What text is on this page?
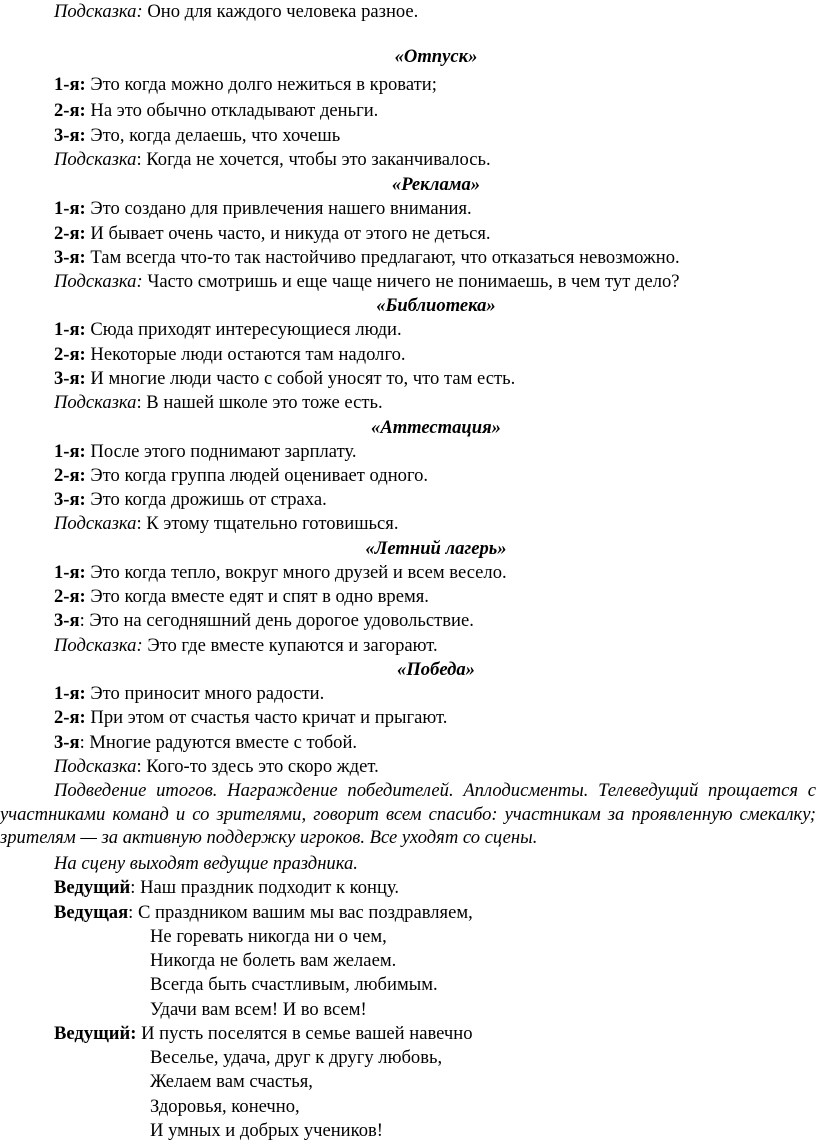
Подсказка: Оно для каждого человека разное.
«Отпуск»
1-я: Это когда можно долго нежиться в кровати;
2-я: На это обычно откладывают деньги.
3-я: Это, когда делаешь, что хочешь
Подсказка: Когда не хочется, чтобы это заканчивалось.
«Реклама»
1-я: Это создано для привлечения нашего внимания.
2-я: И бывает очень часто, и никуда от этого не деться.
3-я: Там всегда что-то так настойчиво предлагают, что отказаться невозможно.
Подсказка: Часто смотришь и еще чаще ничего не понимаешь, в чем тут дело?
«Библиотека»
1-я: Сюда приходят интересующиеся люди.
2-я: Некоторые люди остаются там надолго.
3-я: И многие люди часто с собой уносят то, что там есть.
Подсказка: В нашей школе это тоже есть.
«Аттестация»
1-я: После этого поднимают зарплату.
2-я: Это когда группа людей оценивает одного.
3-я: Это когда дрожишь от страха.
Подсказка: К этому тщательно готовишься.
«Летний лагерь»
1-я: Это когда тепло, вокруг много друзей и всем весело.
2-я: Это когда вместе едят и спят в одно время.
3-я: Это на сегодняшний день дорогое удовольствие.
Подсказка: Это где вместе купаются и загорают.
«Победа»
1-я: Это приносит много радости.
2-я: При этом от счастья часто кричат и прыгают.
3-я: Многие радуются вместе с тобой.
Подсказка: Кого-то здесь это скоро ждет.
Подведение итогов. Награждение победителей. Аплодисменты. Телеведущий прощается с участниками команд и со зрителями, говорит всем спасибо: участникам за проявленную смекалку; зрителям — за активную поддержку игроков. Все уходят со сцены.
На сцену выходят ведущие праздника.
Ведущий: Наш праздник подходит к концу.
Ведущая: С праздником вашим мы вас поздравляем,
Не горевать никогда ни о чем,
Никогда не болеть вам желаем.
Всегда быть счастливым, любимым.
Удачи вам всем! И во всем!
Ведущий: И пусть поселятся в семье вашей навечно
Веселье, удача, друг к другу любовь,
Желаем вам счастья,
Здоровья, конечно,
И умных и добрых учеников!
